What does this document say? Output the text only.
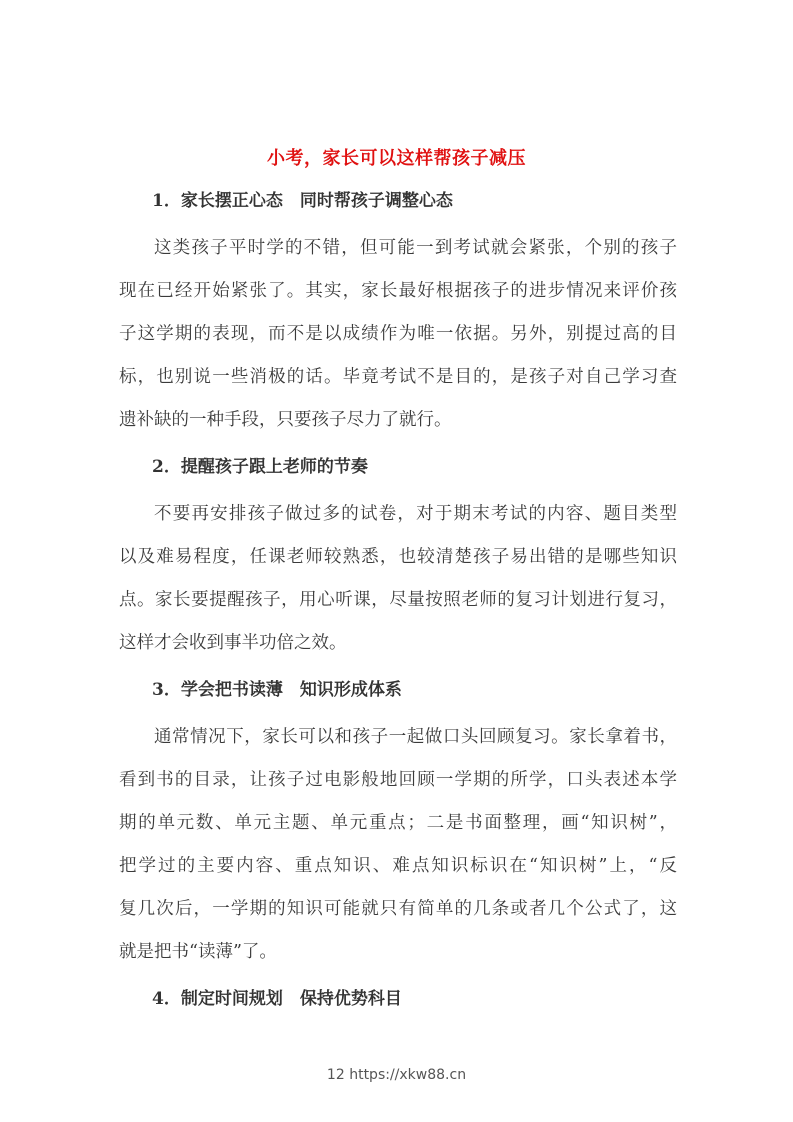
小考，家长可以这样帮孩子减压
1．家长摆正心态　同时帮孩子调整心态
这类孩子平时学的不错，但可能一到考试就会紧张，个别的孩子
现在已经开始紧张了。其实，家长最好根据孩子的进步情况来评价孩
子这学期的表现，而不是以成绩作为唯一依据。另外，别提过高的目
标，也别说一些消极的话。毕竟考试不是目的，是孩子对自己学习查
遗补缺的一种手段，只要孩子尽力了就行。
2．提醒孩子跟上老师的节奏
不要再安排孩子做过多的试卷，对于期末考试的内容、题目类型
以及难易程度，任课老师较熟悉，也较清楚孩子易出错的是哪些知识
点。家长要提醒孩子，用心听课，尽量按照老师的复习计划进行复习，
这样才会收到事半功倍之效。
3．学会把书读薄　知识形成体系
通常情况下，家长可以和孩子一起做口头回顾复习。家长拿着书，
看到书的目录，让孩子过电影般地回顾一学期的所学，口头表述本学
期的单元数、单元主题、单元重点；二是书面整理，画“知识树”，
把学过的主要内容、重点知识、难点知识标识在“知识树”上，“反
复几次后，一学期的知识可能就只有简单的几条或者几个公式了，这
就是把书“读薄”了。
4．制定时间规划　保持优势科目
12 https://xkw88.cn
